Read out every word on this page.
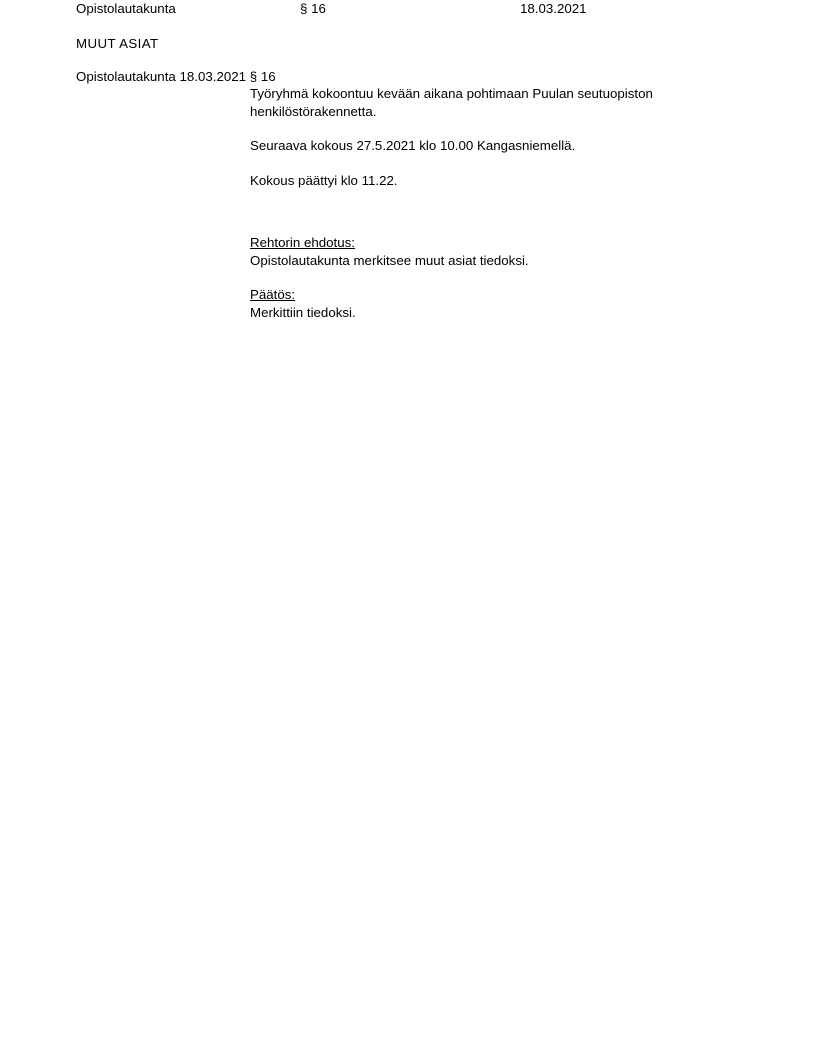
Opistolautakunta	§ 16	18.03.2021
MUUT ASIAT
Opistolautakunta 18.03.2021 § 16

Työryhmä kokoontuu kevään aikana pohtimaan Puulan seutuopiston henkilöstörakennetta.

Seuraava kokous 27.5.2021 klo 10.00 Kangasniemellä.

Kokous päättyi klo 11.22.

Rehtorin ehdotus:

Opistolautakunta merkitsee muut asiat tiedoksi.

Päätös:

Merkittiin tiedoksi.
